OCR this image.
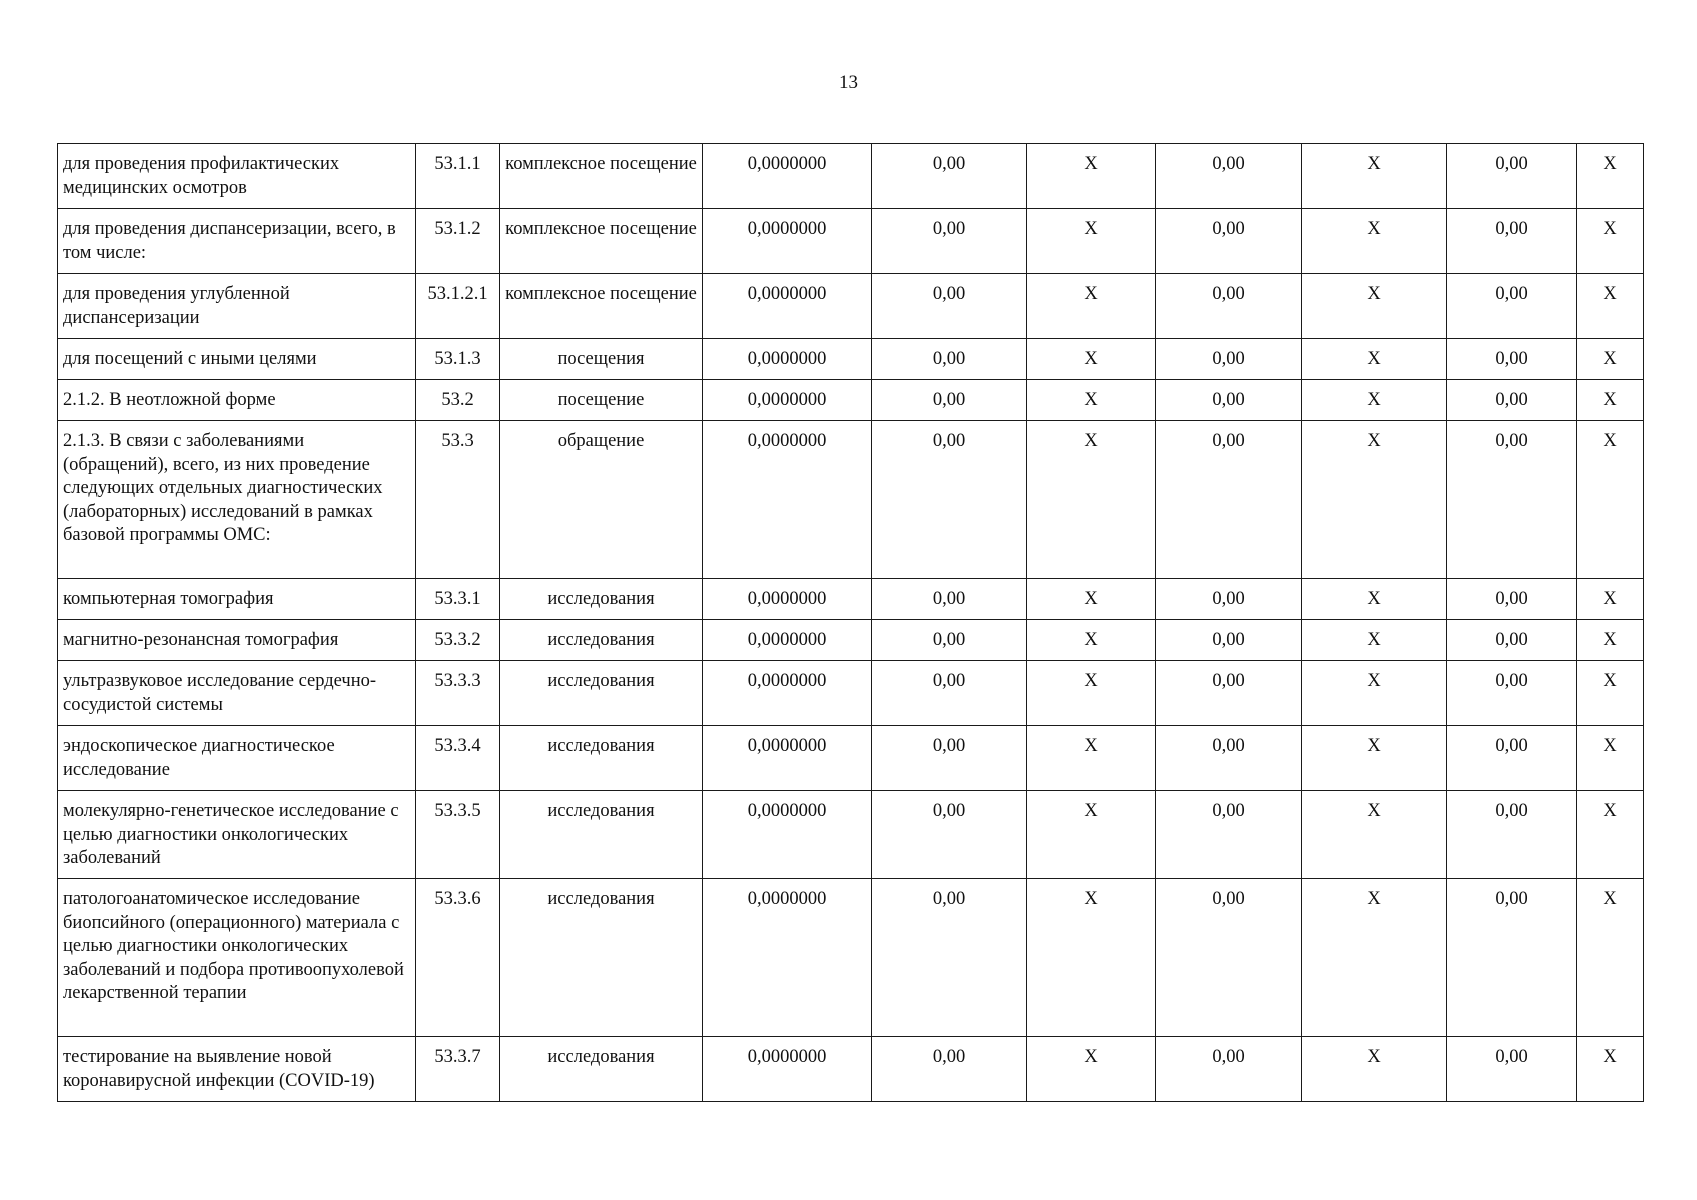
13
для проведения профилактических медицинских осмотров	53.1.1	комплексное посещение	0,0000000	0,00	X	0,00	X	0,00	X
для проведения диспансеризации, всего, в том числе:	53.1.2	комплексное посещение	0,0000000	0,00	X	0,00	X	0,00	X
для проведения углубленной диспансеризации	53.1.2.1	комплексное посещение	0,0000000	0,00	X	0,00	X	0,00	X
для посещений с иными целями	53.1.3	посещения	0,0000000	0,00	X	0,00	X	0,00	X
2.1.2. В неотложной форме	53.2	посещение	0,0000000	0,00	X	0,00	X	0,00	X
2.1.3. В связи с заболеваниями (обращений), всего, из них проведение следующих отдельных диагностических (лабораторных) исследований в рамках базовой программы ОМС:	53.3	обращение	0,0000000	0,00	X	0,00	X	0,00	X
компьютерная томография	53.3.1	исследования	0,0000000	0,00	X	0,00	X	0,00	X
магнитно-резонансная томография	53.3.2	исследования	0,0000000	0,00	X	0,00	X	0,00	X
ультразвуковое исследование сердечно-сосудистой системы	53.3.3	исследования	0,0000000	0,00	X	0,00	X	0,00	X
эндоскопическое диагностическое исследование	53.3.4	исследования	0,0000000	0,00	X	0,00	X	0,00	X
молекулярно-генетическое исследование с целью диагностики онкологических заболеваний	53.3.5	исследования	0,0000000	0,00	X	0,00	X	0,00	X
патологоанатомическое исследование биопсийного (операционного) материала с целью диагностики онкологических заболеваний и подбора противоопухолевой лекарственной терапии	53.3.6	исследования	0,0000000	0,00	X	0,00	X	0,00	X
тестирование на выявление новой коронавирусной инфекции (COVID-19)	53.3.7	исследования	0,0000000	0,00	X	0,00	X	0,00	X
